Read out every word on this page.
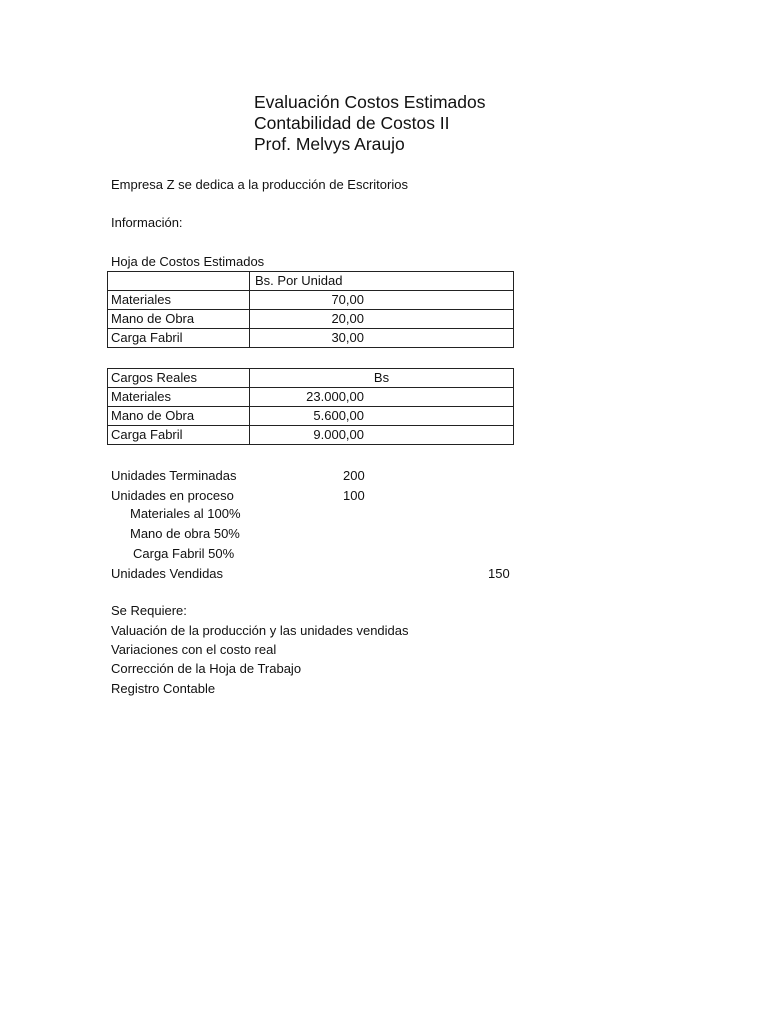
Evaluación Costos Estimados
Contabilidad de Costos II
Prof. Melvys Araujo
Empresa Z se dedica a la producción de Escritorios
Información:
Hoja de Costos Estimados
	Bs. Por Unidad
Materiales	70,00
Mano de Obra	20,00
Carga Fabril	30,00
Cargos Reales	Bs
Materiales	23.000,00
Mano de Obra	5.600,00
Carga Fabril	9.000,00
Unidades Terminadas	200
Unidades en proceso	100
Materiales al 100%
Mano de obra 50%
Carga Fabril 50%
Unidades Vendidas	150
Se Requiere:
Valuación de la producción y las unidades vendidas
Variaciones con el costo real
Corrección de la Hoja de Trabajo
Registro Contable
